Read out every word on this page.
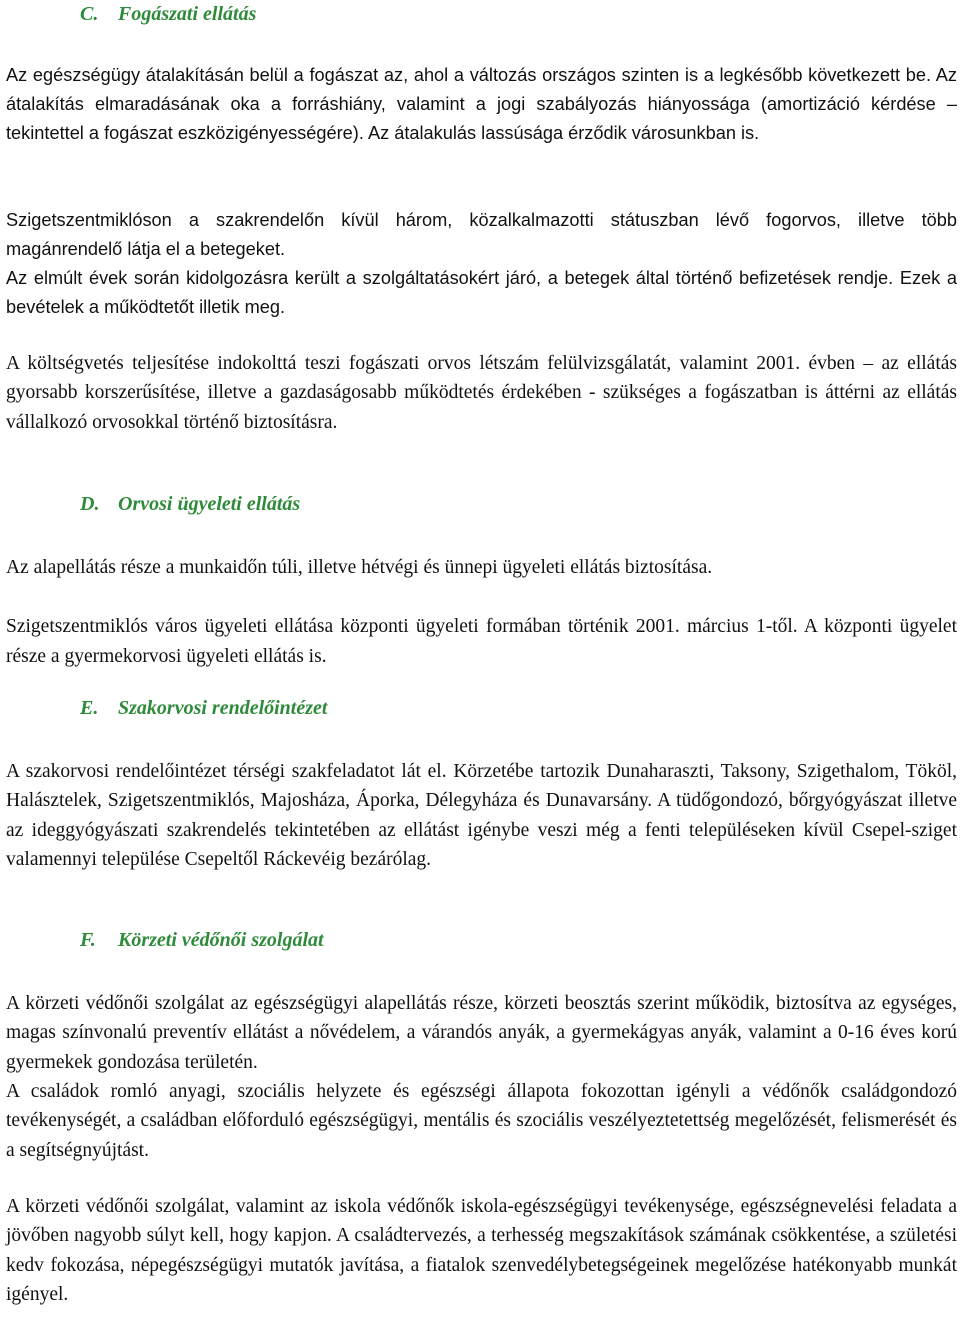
C. Fogászati ellátás

Az egészségügy átalakításán belül a fogászat az, ahol a változás országos szinten is a legkésőbb következett be. Az átalakítás elmaradásának oka a forráshiány, valamint a jogi szabályozás hiányossága (amortizáció kérdése – tekintettel a fogászat eszközigényességére). Az átalakulás lassúsága érződik városunkban is.

Szigetszentmiklóson a szakrendelőn kívül három, közalkalmazotti státuszban lévő fogorvos, illetve több magánrendelő látja el a betegeket.

Az elmúlt évek során kidolgozásra került a szolgáltatásokért járó, a betegek által történő befizetések rendje. Ezek a bevételek a működtetőt illetik meg.

A költségvetés teljesítése indokolttá teszi fogászati orvos létszám felülvizsgálatát, valamint 2001. évben – az ellátás gyorsabb korszerűsítése, illetve a gazdaságosabb működtetés érdekében - szükséges a fogászatban is áttérni az ellátás vállalkozó orvosokkal történő biztosításra.

D. Orvosi ügyeleti ellátás

Az alapellátás része a munkaidőn túli, illetve hétvégi és ünnepi ügyeleti ellátás biztosítása.

Szigetszentmiklós város ügyeleti ellátása központi ügyeleti formában történik 2001. március 1-től. A központi ügyelet része a gyermekorvosi ügyeleti ellátás is.

E. Szakorvosi rendelőintézet

A szakorvosi rendelőintézet térségi szakfeladatot lát el. Körzetébe tartozik Dunaharaszti, Taksony, Szigethalom, Tököl, Halásztelek, Szigetszentmiklós, Majosháza, Áporka, Délegyháza és Dunavarsány. A tüdőgondozó, bőrgyógyászat illetve az ideggyógyászati szakrendelés tekintetében az ellátást igénybe veszi még a fenti településeken kívül Csepel-sziget valamennyi települése Csepeltől Ráckevéig bezárólag.

F. Körzeti védőnői szolgálat

A körzeti védőnői szolgálat az egészségügyi alapellátás része, körzeti beosztás szerint működik, biztosítva az egységes, magas színvonalú preventív ellátást a nővédelem, a várandós anyák, a gyermekágyas anyák, valamint a 0-16 éves korú gyermekek gondozása területén.

A családok romló anyagi, szociális helyzete és egészségi állapota fokozottan igényli a védőnők családgondozó tevékenységét, a családban előforduló egészségügyi, mentális és szociális veszélyeztetettség megelőzését, felismerését és a segítségnyújtást.

A körzeti védőnői szolgálat, valamint az iskola védőnők iskola-egészségügyi tevékenysége, egészségnevelési feladata a jövőben nagyobb súlyt kell, hogy kapjon. A családtervezés, a terhesség megszakítások számának csökkentése, a születési kedv fokozása, népegészségügyi mutatók javítása, a fiatalok szenvedélybetegségeinek megelőzése hatékonyabb munkát igényel.
